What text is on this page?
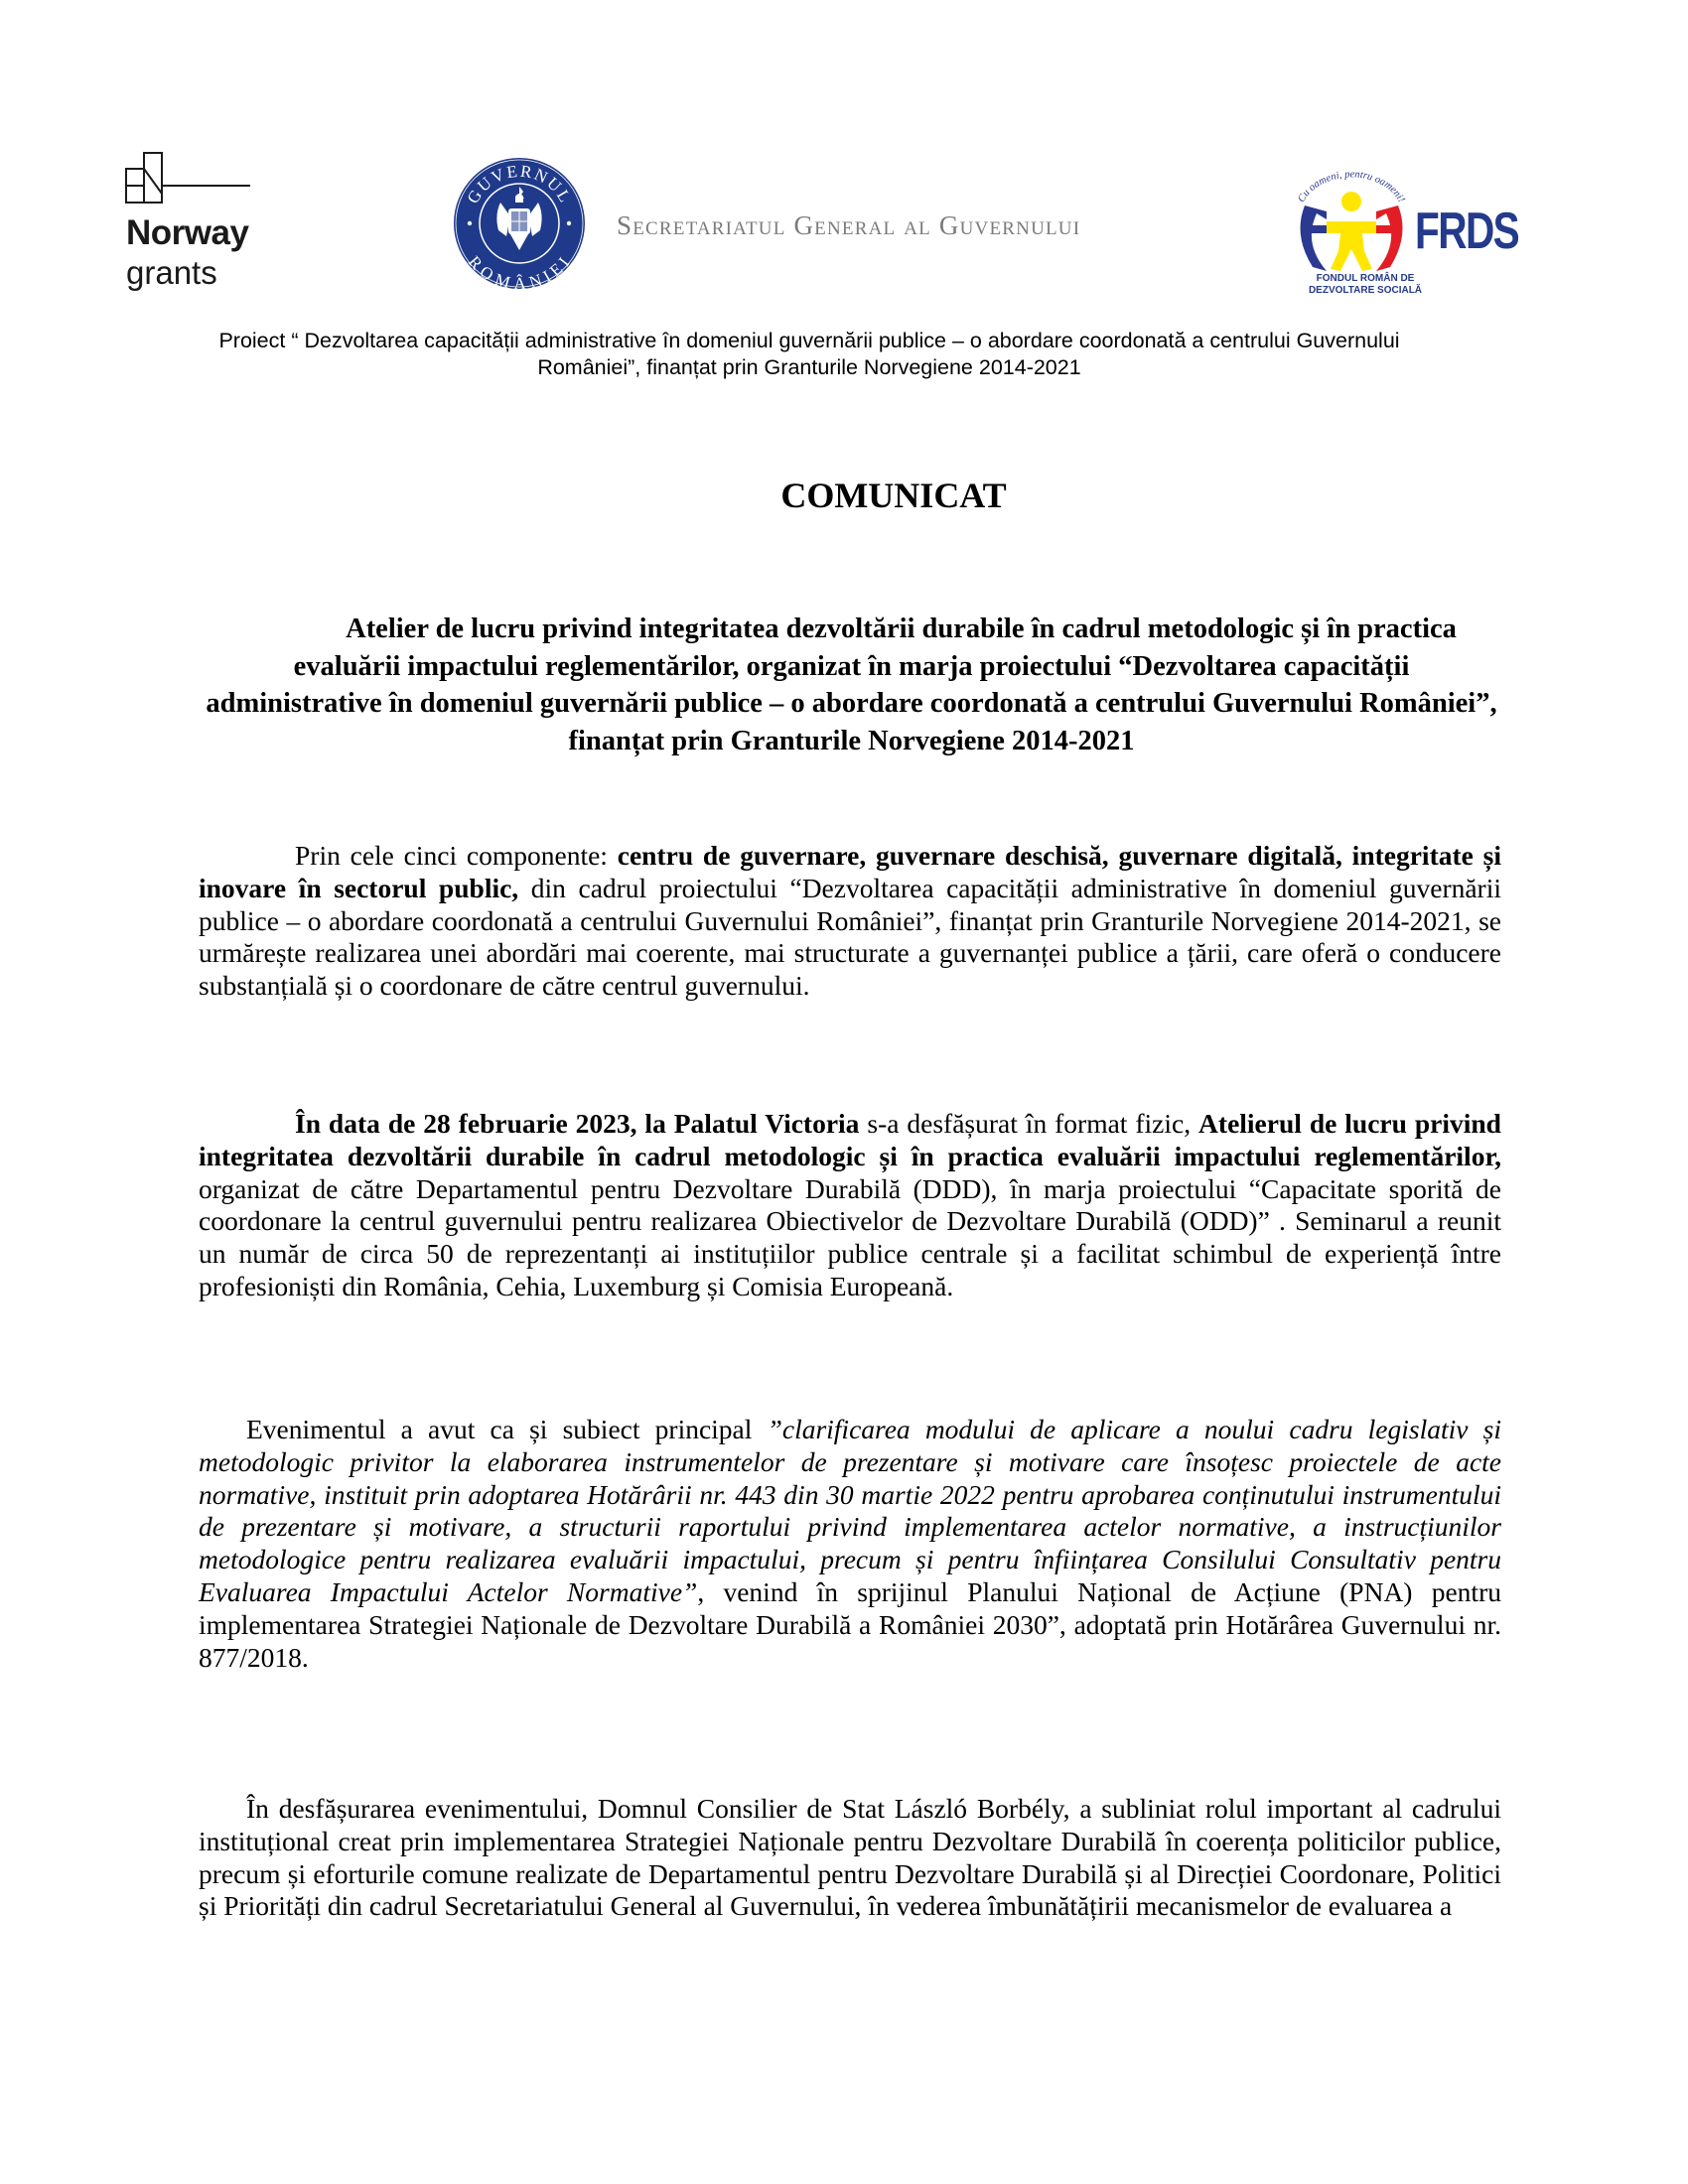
Norway
grants
GUVERNUL
ROMÂNIEI
Secretariatul General al Guvernului
Cu oameni, pentru oameni!
FRDS
FONDUL ROMÂN DE
DEZVOLTARE SOCIALĂ
Proiect “ Dezvoltarea capacității administrative în domeniul guvernării publice – o abordare coordonată a centrului Guvernului
României”, finanțat prin Granturile Norvegiene 2014-2021
COMUNICAT
Atelier de lucru privind integritatea dezvoltării durabile în cadrul metodologic și în practica evaluării impactului reglementărilor, organizat în marja proiectului “Dezvoltarea capacității administrative în domeniul guvernării publice – o abordare coordonată a centrului Guvernului României”, finanțat prin Granturile Norvegiene 2014-2021

Prin cele cinci componente: centru de guvernare, guvernare deschisă, guvernare digitală, integritate și inovare în sectorul public, din cadrul proiectului “Dezvoltarea capacității administrative în domeniul guvernării publice – o abordare coordonată a centrului Guvernului României”, finanțat prin Granturile Norvegiene 2014-2021, se urmărește realizarea unei abordări mai coerente, mai structurate a guvernanței publice a țării, care oferă o conducere substanțială și o coordonare de către centrul guvernului.

În data de 28 februarie 2023, la Palatul Victoria s-a desfășurat în format fizic, Atelierul de lucru privind integritatea dezvoltării durabile în cadrul metodologic și în practica evaluării impactului reglementărilor, organizat de către Departamentul pentru Dezvoltare Durabilă (DDD), în marja proiectului “Capacitate sporită de coordonare la centrul guvernului pentru realizarea Obiectivelor de Dezvoltare Durabilă (ODD)” . Seminarul a reunit un număr de circa 50 de reprezentanți ai instituțiilor publice centrale și a facilitat schimbul de experiență între profesioniști din România, Cehia, Luxemburg și Comisia Europeană.

Evenimentul a avut ca și subiect principal ”clarificarea modului de aplicare a noului cadru legislativ și metodologic privitor la elaborarea instrumentelor de prezentare și motivare care însoțesc proiectele de acte normative, instituit prin adoptarea Hotărârii nr. 443 din 30 martie 2022 pentru aprobarea conținutului instrumentului de prezentare și motivare, a structurii raportului privind implementarea actelor normative, a instrucțiunilor metodologice pentru realizarea evaluării impactului, precum și pentru înființarea Consilului Consultativ pentru Evaluarea Impactului Actelor Normative”, venind în sprijinul Planului Național de Acțiune (PNA) pentru implementarea Strategiei Naționale de Dezvoltare Durabilă a României 2030”, adoptată prin Hotărârea Guvernului nr. 877/2018.

În desfășurarea evenimentului, Domnul Consilier de Stat László Borbély, a subliniat rolul important al cadrului instituțional creat prin implementarea Strategiei Naționale pentru Dezvoltare Durabilă în coerența politicilor publice, precum și eforturile comune realizate de Departamentul pentru Dezvoltare Durabilă și al Direcției Coordonare, Politici și Priorități din cadrul Secretariatului General al Guvernului, în vederea îmbunătățirii mecanismelor de evaluarea a
